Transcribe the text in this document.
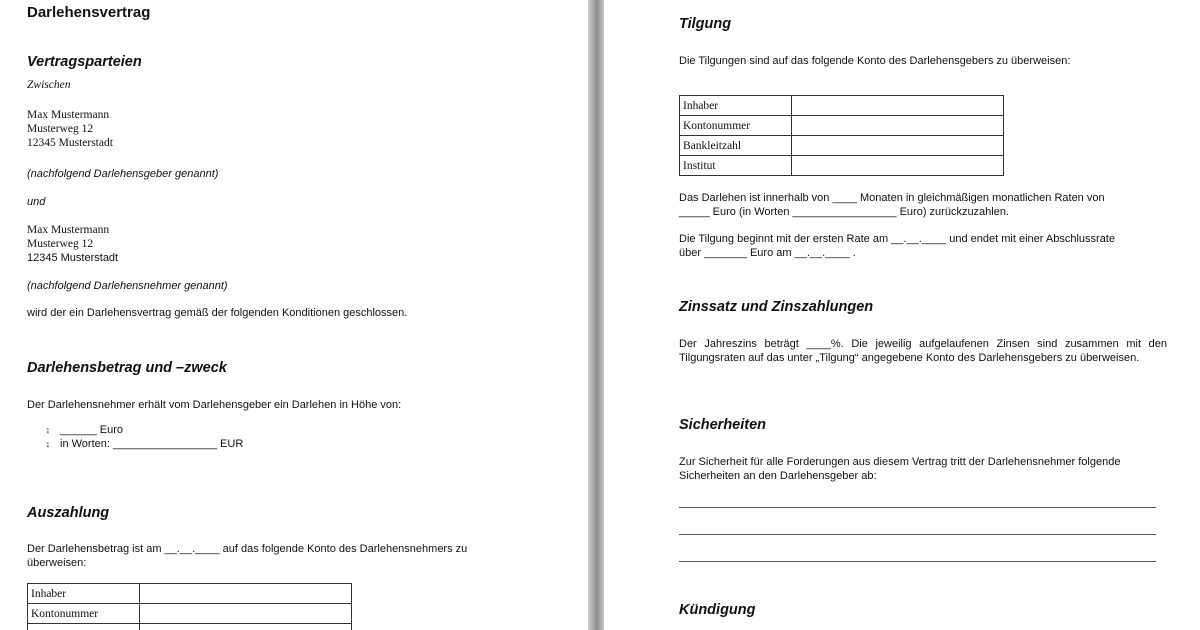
Darlehensvertrag
Vertragsparteien
Zwischen
Max Mustermann
Musterweg 12
12345 Musterstadt
(nachfolgend Darlehensgeber genannt)
und
Max Mustermann
Musterweg 12
12345 Musterstadt
(nachfolgend Darlehensnehmer genannt)
wird der ein Darlehensvertrag gemäß der folgenden Konditionen geschlossen.
Darlehensbetrag und –zweck
Der Darlehensnehmer erhält vom Darlehensgeber ein Darlehen in Höhe von:
⨟ ______ Euro
⨟ in Worten: _________________ EUR
Auszahlung
Der Darlehensbetrag ist am __.__.____ auf das folgende Konto des Darlehensnehmers zu
überweisen:
Inhaber	
Kontonummer	

Tilgung
Die Tilgungen sind auf das folgende Konto des Darlehensgebers zu überweisen:
Inhaber	
Kontonummer	
Bankleitzahl	
Institut	
Das Darlehen ist innerhalb von ____ Monaten in gleichmäßigen monatlichen Raten von
_____ Euro (in Worten _________________ Euro) zurückzuzahlen.
Die Tilgung beginnt mit der ersten Rate am __.__.____ und endet mit einer Abschlussrate
über _______ Euro am __.__.____ .
Zinssatz und Zinszahlungen
Der Jahreszins beträgt ____%. Die jeweilig aufgelaufenen Zinsen sind zusammen mit den Tilgungsraten auf das unter „Tilgung“ angegebene Konto des Darlehensgebers zu überweisen.
Sicherheiten
Zur Sicherheit für alle Forderungen aus diesem Vertrag tritt der Darlehensnehmer folgende
Sicherheiten an den Darlehensgeber ab:
Kündigung
